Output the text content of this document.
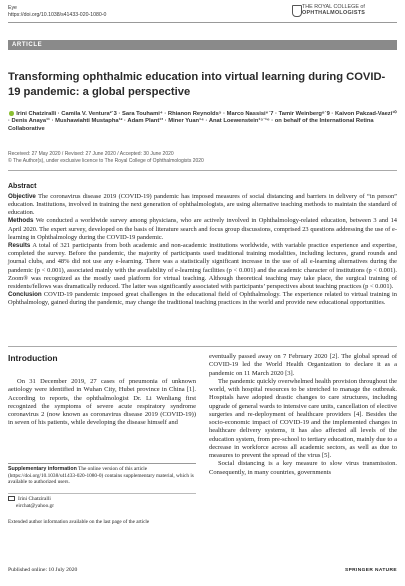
Eye
https://doi.org/10.1038/s41433-020-1080-0
THE ROYAL COLLEGE of
OPHTHALMOLOGISTS
ARTICLE
Transforming ophthalmic education into virtual learning during COVID-19 pandemic: a global perspective

Irini Chatziralli · Camila V. Ventura²˙3 · Sara Touhami⁴ · Rhianon Reynolds⁵ · Marco Nassisi⁶˙7 · Tamir Weinberg⁸˙9 · Kaivon Pakzad-Vaezi¹⁰ · Denis Anaya¹¹ · Mushawiahti Mustapha¹² · Adam Plant¹³ · Miner Yuan¹⁴ · Anat Loewenstein¹⁵˙¹⁶ · on behalf of the International Retina Collaborative

Received: 27 May 2020 / Revised: 27 June 2020 / Accepted: 30 June 2020
© The Author(s), under exclusive licence to The Royal College of Ophthalmologists 2020

Abstract

Objective The coronavirus disease 2019 (COVID-19) pandemic has imposed measures of social distancing and barriers in delivery of “in person” education. Institutions, involved in training the next generation of ophthalmologists, are using alternative teaching methods to maintain the standard of education.

Methods We conducted a worldwide survey among physicians, who are actively involved in Ophthalmology-related education, between 3 and 14 April 2020. The expert survey, developed on the basis of literature search and focus group discussions, comprised 23 questions addressing the use of e-learning in Ophthalmology during the COVID-19 pandemic.

Results A total of 321 participants from both academic and non-academic institutions worldwide, with variable practice experience and expertise, completed the survey. Before the pandemic, the majority of participants used traditional training modalities, including lectures, grand rounds and journal clubs, and 48% did not use any e-learning. There was a statistically significant increase in the use of all e-learning alternatives during the pandemic (p < 0.001), associated mainly with the availability of e-learning facilities (p < 0.001) and the academic character of institutions (p < 0.001). Zoom® was recognized as the mostly used platform for virtual teaching. Although theoretical teaching may take place, the surgical training of residents/fellows was dramatically reduced. The latter was significantly associated with participants’ perspectives about teaching practices (p < 0.001).

Conclusion COVID-19 pandemic imposed great challenges in the educational field of Ophthalmology. The experience related to virtual training in Ophthalmology, gained during the pandemic, may change the traditional teaching practices in the world and provide new educational opportunities.

Introduction

On 31 December 2019, 27 cases of pneumonia of unknown aetiology were identified in Wuhan City, Hubei province in China [1]. According to reports, the ophthalmologist Dr. Li Wenliang first recognized the symptoms of severe acute respiratory syndrome coronavirus 2 (now known as coronavirus disease 2019 (COVID-19)) in seven of his patients, while developing the disease himself and

eventually passed away on 7 February 2020 [2]. The global spread of COVID-19 led the World Health Organization to declare it as a pandemic on 11 March 2020 [3].

The pandemic quickly overwhelmed health provision throughout the world, with hospital resources to be stretched to manage the outbreak. Hospitals have adopted drastic changes to care structures, including upgrade of general wards to intensive care units, cancellation of elective surgeries and re-deployment of healthcare providers [4]. Besides the socio-economic impact of COVID-19 and the implemented changes in healthcare delivery systems, it has also affected all levels of the education system, from pre-school to tertiary education, mainly due to a decrease in workforce across all academic sectors, as well as due to measures to prevent the spread of the virus [5].

Social distancing is a key measure to slow virus transmission. Consequently, in many countries, governments

Supplementary information The online version of this article (https://doi.org/10.1038/s41433-020-1080-0) contains supplementary material, which is available to authorized users.

Irini Chatziralli
eirchat@yahoo.gr

Extended author information available on the last page of the article

Published online: 10 July 2020	SPRINGER NATURE
